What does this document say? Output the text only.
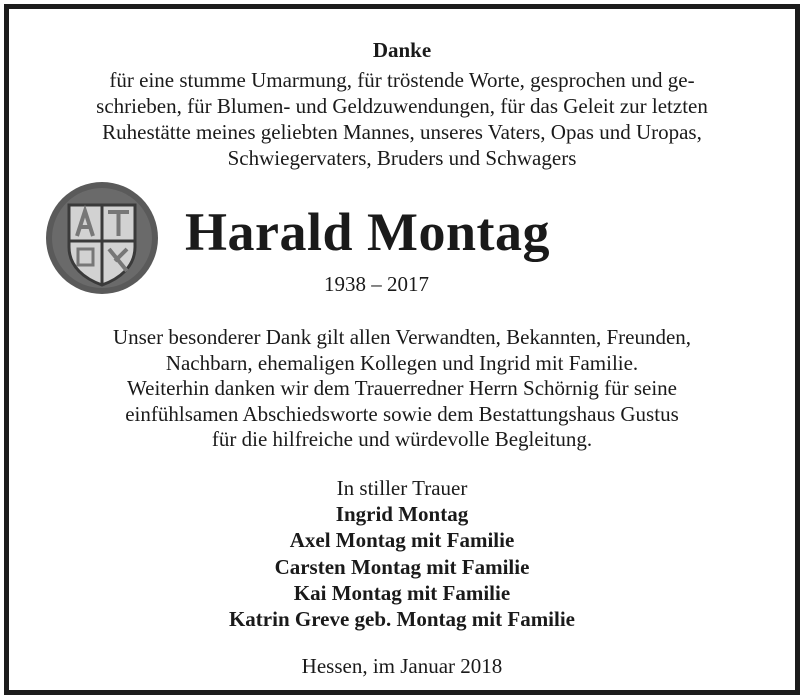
Danke
für eine stumme Umarmung, für tröstende Worte, gesprochen und ge-
schrieben, für Blumen- und Geldzuwendungen, für das Geleit zur letzten
Ruhestätte meines geliebten Mannes, unseres Vaters, Opas und Uropas,
Schwiegervaters, Bruders und Schwagers
Harald Montag
1938 – 2017
Unser besonderer Dank gilt allen Verwandten, Bekannten, Freunden,
Nachbarn, ehemaligen Kollegen und Ingrid mit Familie.
Weiterhin danken wir dem Trauerredner Herrn Schörnig für seine
einfühlsamen Abschiedsworte sowie dem Bestattungshaus Gustus
für die hilfreiche und würdevolle Begleitung.
In stiller Trauer
Ingrid Montag
Axel Montag mit Familie
Carsten Montag mit Familie
Kai Montag mit Familie
Katrin Greve geb. Montag mit Familie
Hessen, im Januar 2018
